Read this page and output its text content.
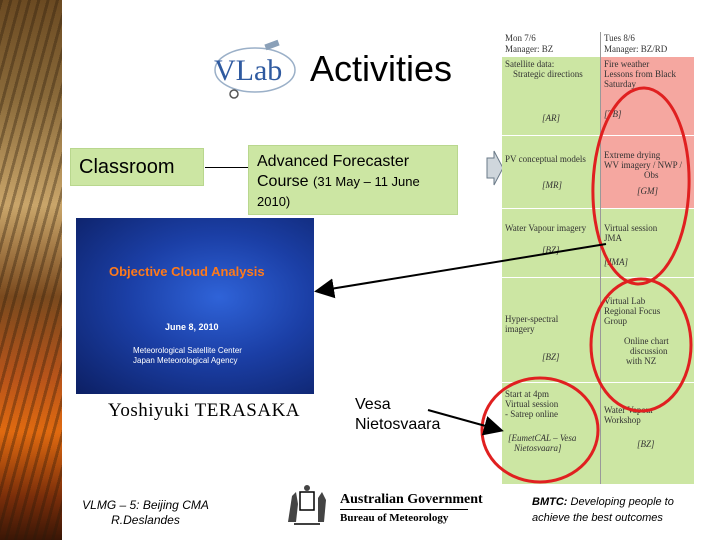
VLab Activities
Classroom	Advanced Forecaster Course (31 May – 11 June 2010)
Objective Cloud Analysis
June 8, 2010
Meteorological Satellite Center
Japan Meteorological Agency
Yoshiyuki TERASAKA	Vesa
Nietosvaara
Mon 7/6
Manager: BZ
Tues 8/6
Manager: BZ/RD
Satellite data:
Strategic directions
[AR]
Fire weather
Lessons from Black
Saturday
[TB]
PV conceptual models
[MR]
Extreme drying
WV imagery / NWP /
Obs
[GM]
Water Vapour imagery
[BZ]
Virtual session
JMA
[JMA]
Hyper-spectral
imagery
[BZ]
Virtual Lab
Regional Focus
Group
Online chart
discussion
with NZ
Start at 4pm
Virtual session
- Satrep online
[EumetCAL – Vesa
Nietosvaara]
Water Vapour
Workshop
[BZ]
VLMG – 5: Beijing CMA
R.Deslandes
Australian Government
Bureau of Meteorology
BMTC: Developing people to achieve the best outcomes
